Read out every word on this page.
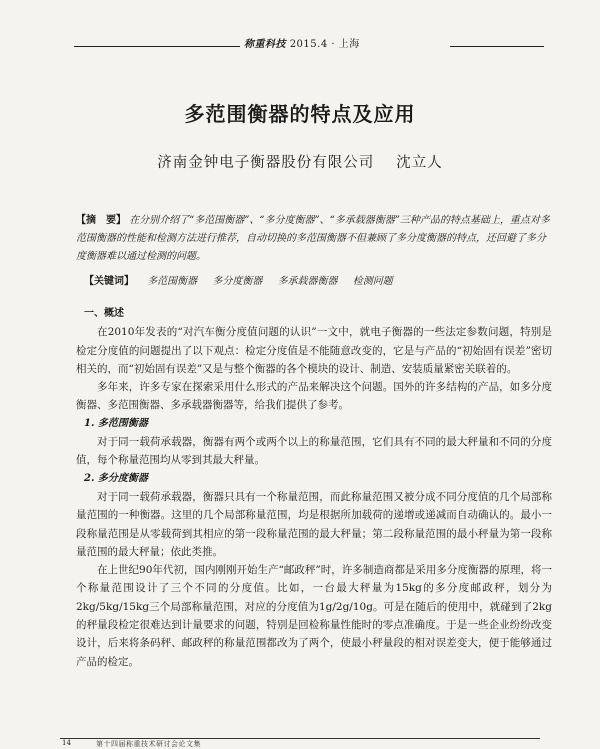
称重科技 2015.4 · 上海
多范围衡器的特点及应用
济南金钟电子衡器股份有限公司 沈立人
【摘　要】 在分别介绍了“多范围衡器”、“多分度衡器”、“多承载器衡器”三种产品的特点基础上，重点对多范围衡器的性能和检测方法进行推荐，自动切换的多范围衡器不但兼顾了多分度衡器的特点，还回避了多分度衡器难以通过检测的问题。
【关键词】 多范围衡器 多分度衡器 多承载器衡器 检测问题
一、概述

在2010年发表的“对汽车衡分度值问题的认识”一文中，就电子衡器的一些法定参数问题，特别是检定分度值的问题提出了以下观点：检定分度值是不能随意改变的，它是与产品的“初始固有误差”密切相关的，而“初始固有误差”又是与整个衡器的各个模块的设计、制造、安装质量紧密关联着的。

多年来，许多专家在探索采用什么形式的产品来解决这个问题。国外的许多结构的产品，如多分度衡器、多范围衡器、多承载器衡器等，给我们提供了参考。

1. 多范围衡器

对于同一载荷承载器，衡器有两个或两个以上的称量范围，它们具有不同的最大秤量和不同的分度值，每个称量范围均从零到其最大秤量。

2. 多分度衡器

对于同一载荷承载器，衡器只具有一个称量范围，而此称量范围又被分成不同分度值的几个局部称量范围的一种衡器。这里的几个局部称量范围，均是根据所加载荷的递增或递减而自动确认的。最小一段称量范围是从零载荷到其相应的第一段称量范围的最大秤量；第二段称量范围的最小秤量为第一段称量范围的最大秤量；依此类推。

在上世纪90年代初，国内刚刚开始生产“邮政秤”时，许多制造商都是采用多分度衡器的原理，将一个称量范围设计了三个不同的分度值。比如，一台最大秤量为15kg的多分度邮政秤，划分为2kg/5kg/15kg三个局部称量范围，对应的分度值为1g/2g/10g。可是在随后的使用中，就碰到了2kg的秤量段检定很难达到计量要求的问题，特别是回检称量性能时的零点准确度。于是一些企业纷纷改变设计，后来将条码秤、邮政秤的称量范围都改为了两个，使最小秤量段的相对误差变大，便于能够通过产品的检定。

14	第十四届称重技术研讨会论文集
